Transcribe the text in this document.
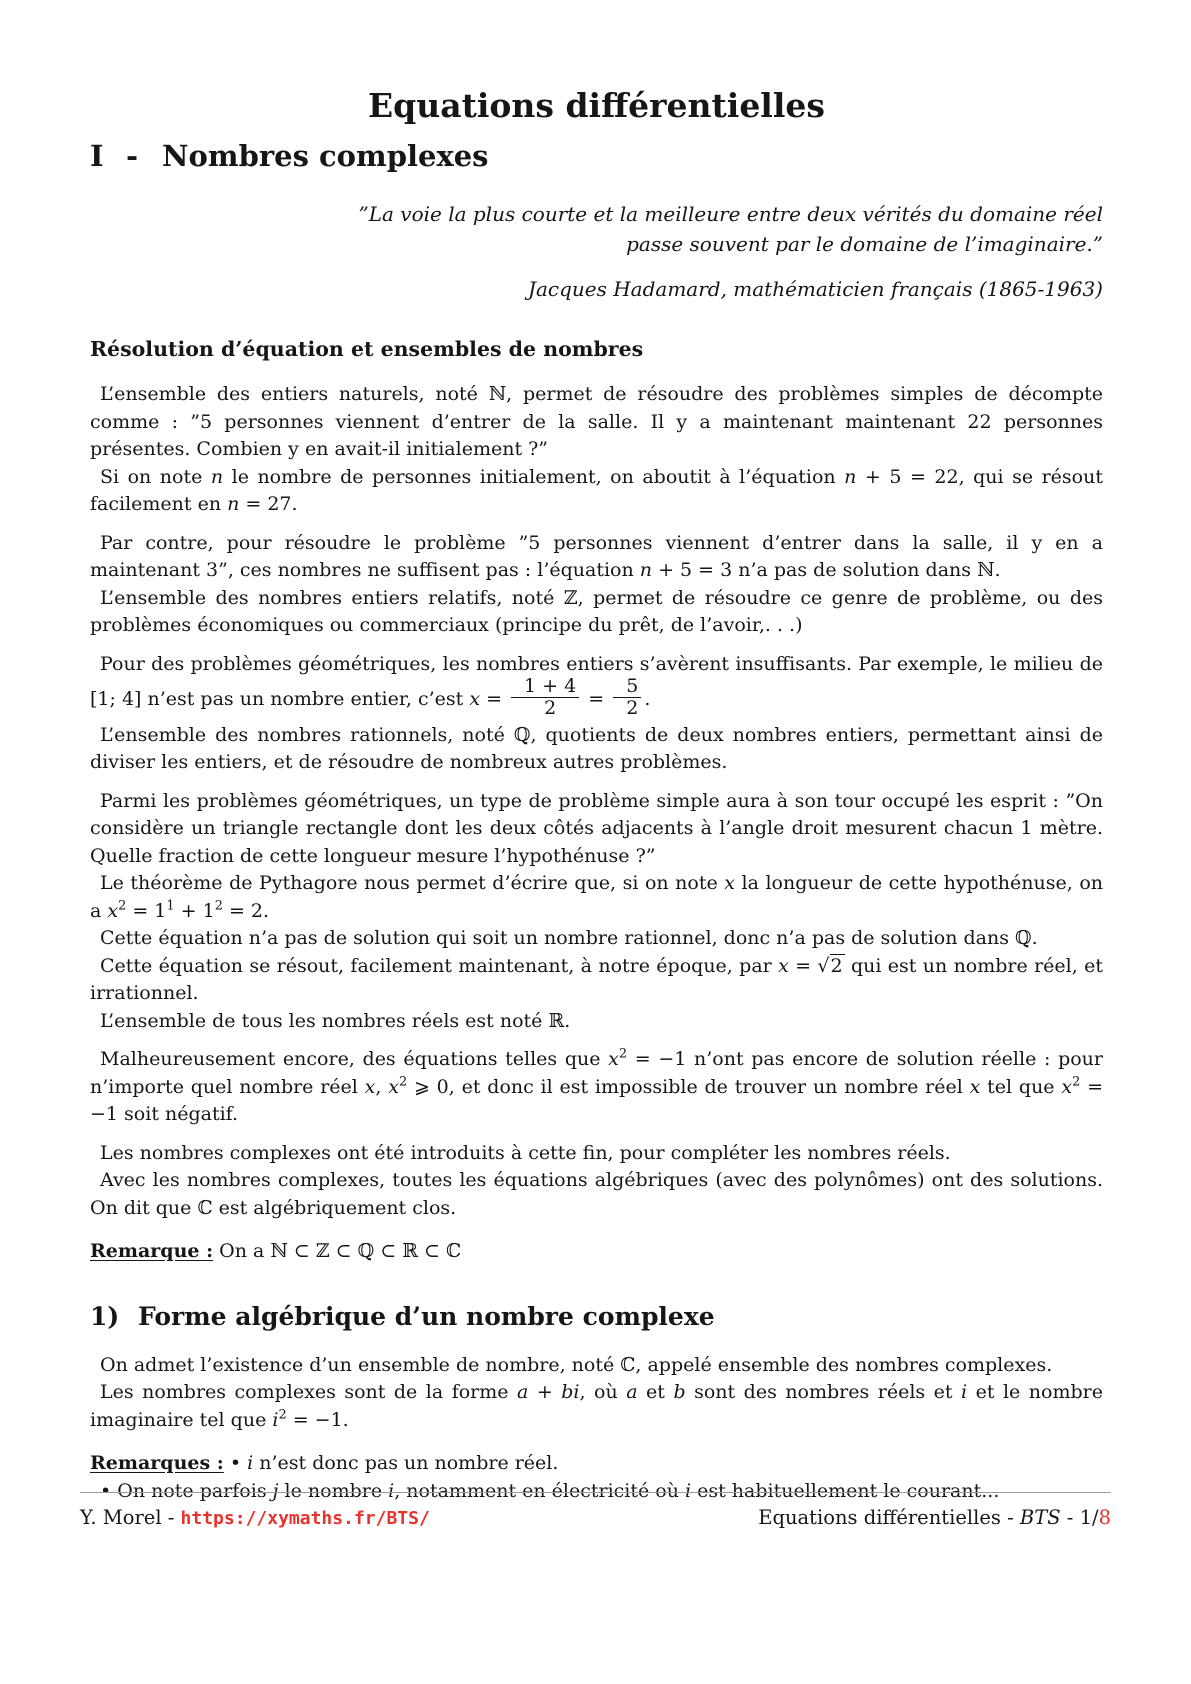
Equations différentielles
I - Nombres complexes
”La voie la plus courte et la meilleure entre deux vérités du domaine réel
passe souvent par le domaine de l’imaginaire.”
Jacques Hadamard, mathématicien français (1865-1963)
Résolution d’équation et ensembles de nombres
L’ensemble des entiers naturels, noté ℕ, permet de résoudre des problèmes simples de décompte comme : ”5 personnes viennent d’entrer de la salle. Il y a maintenant maintenant 22 personnes présentes. Combien y en avait-il initialement ?”
Si on note n le nombre de personnes initialement, on aboutit à l’équation n + 5 = 22, qui se résout facilement en n = 27.
Par contre, pour résoudre le problème ”5 personnes viennent d’entrer dans la salle, il y en a maintenant 3”, ces nombres ne suffisent pas : l’équation n + 5 = 3 n’a pas de solution dans ℕ.
L’ensemble des nombres entiers relatifs, noté ℤ, permet de résoudre ce genre de problème, ou des problèmes économiques ou commerciaux (principe du prêt, de l’avoir,. . .)
Pour des problèmes géométriques, les nombres entiers s’avèrent insuffisants. Par exemple, le milieu de [1; 4] n’est pas un nombre entier, c’est $x = \frac{1 + 4}{2} = \frac{5}{2}$ .
L’ensemble des nombres rationnels, noté ℚ, quotients de deux nombres entiers, permettant ainsi de diviser les entiers, et de résoudre de nombreux autres problèmes.
Parmi les problèmes géométriques, un type de problème simple aura à son tour occupé les esprit : ”On considère un triangle rectangle dont les deux côtés adjacents à l’angle droit mesurent chacun 1 mètre. Quelle fraction de cette longueur mesure l’hypothénuse ?”
Le théorème de Pythagore nous permet d’écrire que, si on note x la longueur de cette hypothénuse, on a $x^2 = 1^1 + 1^2 = 2$.
Cette équation n’a pas de solution qui soit un nombre rationnel, donc n’a pas de solution dans ℚ.
Cette équation se résout, facilement maintenant, à notre époque, par x = √2 qui est un nombre réel, et irrationnel.
L’ensemble de tous les nombres réels est noté ℝ.
Malheureusement encore, des équations telles que $x^2 = -1$ n’ont pas encore de solution réelle : pour n’importe quel nombre réel x, $x^2$ ⩾ 0, et donc il est impossible de trouver un nombre réel x tel que $x^2 = -1$ soit négatif.
Les nombres complexes ont été introduits à cette fin, pour compléter les nombres réels.
Avec les nombres complexes, toutes les équations algébriques (avec des polynômes) ont des solutions. On dit que ℂ est algébriquement clos.
Remarque : On a ℕ ⊂ ℤ ⊂ ℚ ⊂ ℝ ⊂ ℂ
1) Forme algébrique d’un nombre complexe
On admet l’existence d’un ensemble de nombre, noté ℂ, appelé ensemble des nombres complexes.
Les nombres complexes sont de la forme a + bi, où a et b sont des nombres réels et i et le nombre imaginaire tel que $i^2 = -1$.
Remarques : • i n’est donc pas un nombre réel.
• On note parfois j le nombre i, notamment en électricité où i est habituellement le courant...
Y. Morel - https://xymaths.fr/BTS/	Equations différentielles - BTS - 1/8
